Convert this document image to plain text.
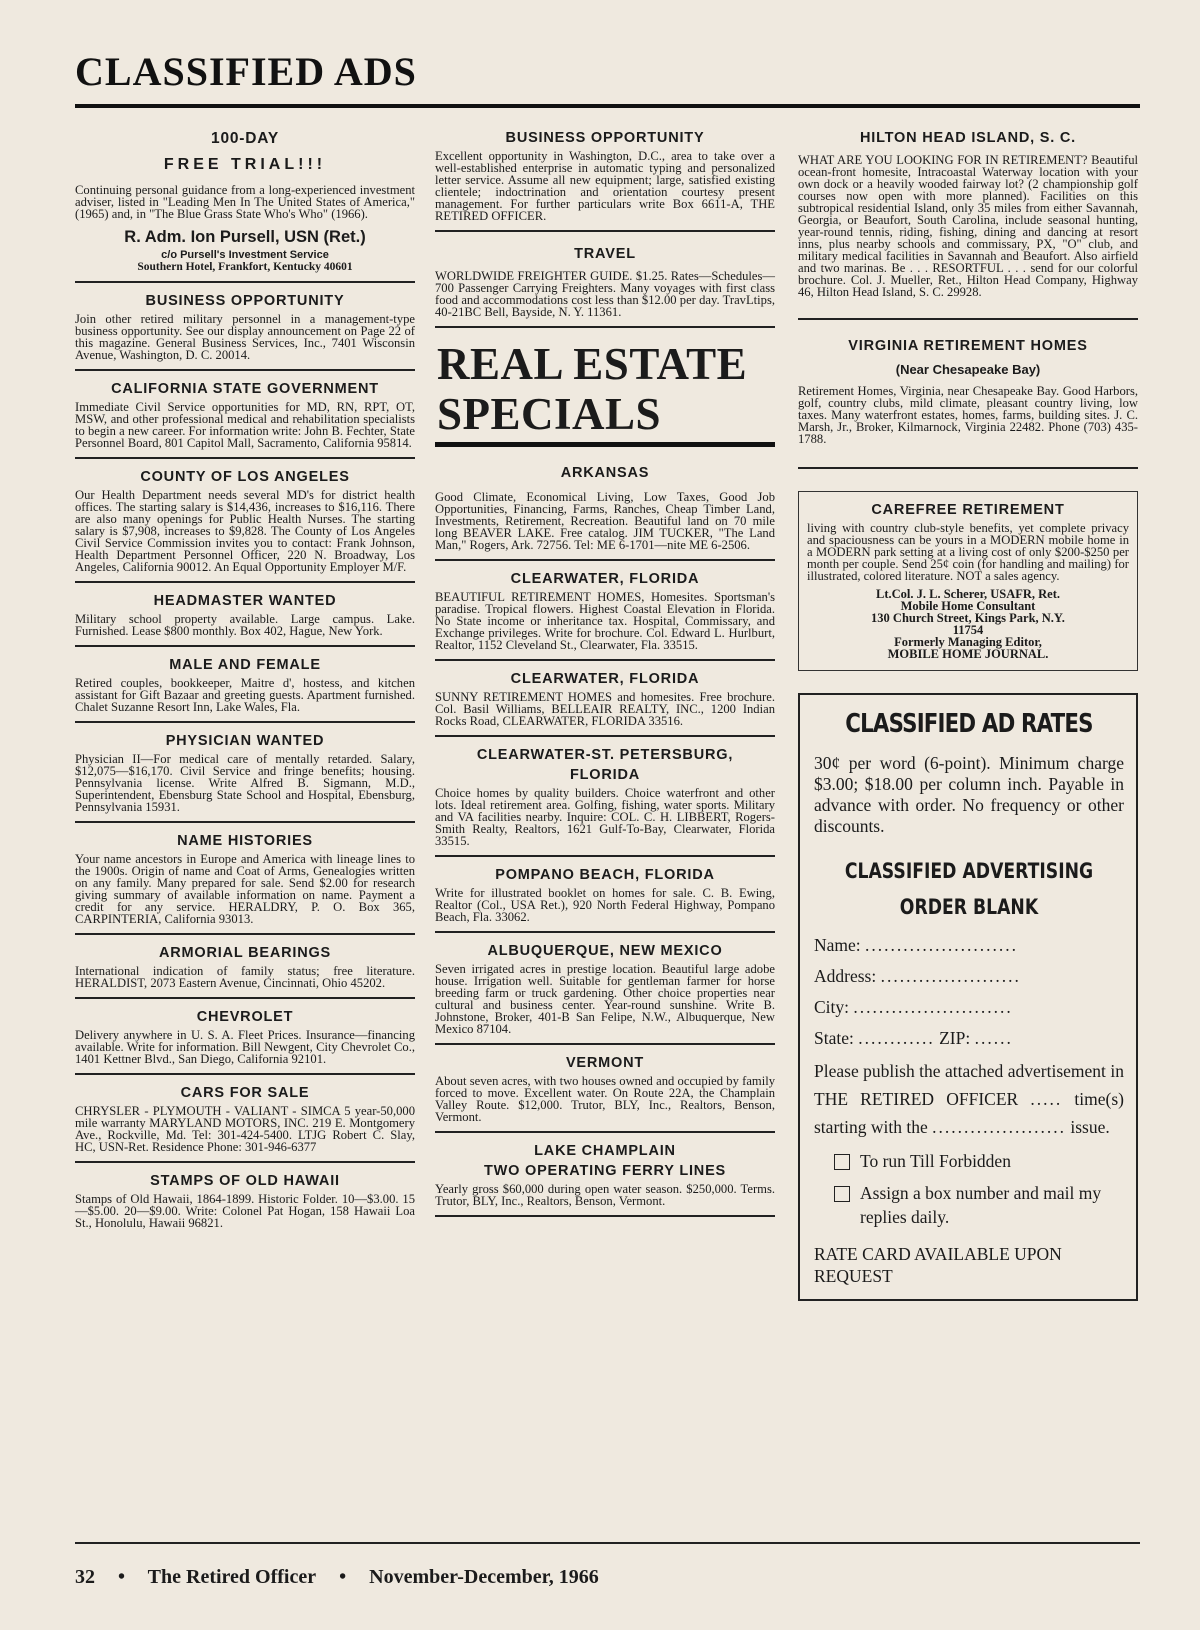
CLASSIFIED ADS
100-DAY
FREE TRIAL!!!

Continuing personal guidance from a long-experienced investment adviser, listed in "Leading Men In The United States of America," (1965) and, in "The Blue Grass State Who's Who" (1966).

R. Adm. Ion Pursell, USN (Ret.)
c/o Pursell's Investment Service
Southern Hotel, Frankfort, Kentucky 40601
BUSINESS OPPORTUNITY

Join other retired military personnel in a management-type business opportunity. See our display announcement on Page 22 of this magazine. General Business Services, Inc., 7401 Wisconsin Avenue, Washington, D. C. 20014.

CALIFORNIA STATE GOVERNMENT

Immediate Civil Service opportunities for MD, RN, RPT, OT, MSW, and other professional medical and rehabilitation specialists to begin a new career. For information write: John B. Fechter, State Personnel Board, 801 Capitol Mall, Sacramento, California 95814.

COUNTY OF LOS ANGELES

Our Health Department needs several MD's for district health offices. The starting salary is $14,436, increases to $16,116. There are also many openings for Public Health Nurses. The starting salary is $7,908, increases to $9,828. The County of Los Angeles Civil Service Commission invites you to contact: Frank Johnson, Health Department Personnel Officer, 220 N. Broadway, Los Angeles, California 90012. An Equal Opportunity Employer M/F.

HEADMASTER WANTED

Military school property available. Large campus. Lake. Furnished. Lease $800 monthly. Box 402, Hague, New York.

MALE AND FEMALE

Retired couples, bookkeeper, Maitre d', hostess, and kitchen assistant for Gift Bazaar and greeting guests. Apartment furnished. Chalet Suzanne Resort Inn, Lake Wales, Fla.

PHYSICIAN WANTED

Physician II—For medical care of mentally retarded. Salary, $12,075—$16,170. Civil Service and fringe benefits; housing. Pennsylvania license. Write Alfred B. Sigmann, M.D., Superintendent, Ebensburg State School and Hospital, Ebensburg, Pennsylvania 15931.

NAME HISTORIES

Your name ancestors in Europe and America with lineage lines to the 1900s. Origin of name and Coat of Arms, Genealogies written on any family. Many prepared for sale. Send $2.00 for research giving summary of available information on name. Payment a credit for any service. HERALDRY, P. O. Box 365, CARPINTERIA, California 93013.

ARMORIAL BEARINGS

International indication of family status; free literature. HERALDIST, 2073 Eastern Avenue, Cincinnati, Ohio 45202.

CHEVROLET

Delivery anywhere in U. S. A. Fleet Prices. Insurance—financing available. Write for information. Bill Newgent, City Chevrolet Co., 1401 Kettner Blvd., San Diego, California 92101.

CARS FOR SALE

CHRYSLER - PLYMOUTH - VALIANT - SIMCA 5 year-50,000 mile warranty MARYLAND MOTORS, INC. 219 E. Montgomery Ave., Rockville, Md. Tel: 301-424-5400. LTJG Robert C. Slay, HC, USN-Ret. Residence Phone: 301-946-6377

STAMPS OF OLD HAWAII

Stamps of Old Hawaii, 1864-1899. Historic Folder. 10—$3.00. 15—$5.00. 20—$9.00. Write: Colonel Pat Hogan, 158 Hawaii Loa St., Honolulu, Hawaii 96821.

BUSINESS OPPORTUNITY

Excellent opportunity in Washington, D.C., area to take over a well-established enterprise in automatic typing and personalized letter service. Assume all new equipment; large, satisfied existing clientele; indoctrination and orientation courtesy present management. For further particulars write Box 6611-A, THE RETIRED OFFICER.

TRAVEL

WORLDWIDE FREIGHTER GUIDE. $1.25. Rates—Schedules—700 Passenger Carrying Freighters. Many voyages with first class food and accommodations cost less than $12.00 per day. TravLtips, 40-21BC Bell, Bayside, N. Y. 11361.

REAL ESTATE
SPECIALS
ARKANSAS

Good Climate, Economical Living, Low Taxes, Good Job Opportunities, Financing, Farms, Ranches, Cheap Timber Land, Investments, Retirement, Recreation. Beautiful land on 70 mile long BEAVER LAKE. Free catalog. JIM TUCKER, "The Land Man," Rogers, Ark. 72756. Tel: ME 6-1701—nite ME 6-2506.

CLEARWATER, FLORIDA

BEAUTIFUL RETIREMENT HOMES, Homesites. Sportsman's paradise. Tropical flowers. Highest Coastal Elevation in Florida. No State income or inheritance tax. Hospital, Commissary, and Exchange privileges. Write for brochure. Col. Edward L. Hurlburt, Realtor, 1152 Cleveland St., Clearwater, Fla. 33515.

CLEARWATER, FLORIDA

SUNNY RETIREMENT HOMES and homesites. Free brochure. Col. Basil Williams, BELLEAIR REALTY, INC., 1200 Indian Rocks Road, CLEARWATER, FLORIDA 33516.

CLEARWATER-ST. PETERSBURG,
FLORIDA

Choice homes by quality builders. Choice waterfront and other lots. Ideal retirement area. Golfing, fishing, water sports. Military and VA facilities nearby. Inquire: COL. C. H. LIBBERT, Rogers-Smith Realty, Realtors, 1621 Gulf-To-Bay, Clearwater, Florida 33515.

POMPANO BEACH, FLORIDA

Write for illustrated booklet on homes for sale. C. B. Ewing, Realtor (Col., USA Ret.), 920 North Federal Highway, Pompano Beach, Fla. 33062.

ALBUQUERQUE, NEW MEXICO

Seven irrigated acres in prestige location. Beautiful large adobe house. Irrigation well. Suitable for gentleman farmer for horse breeding farm or truck gardening. Other choice properties near cultural and business center. Year-round sunshine. Write B. Johnstone, Broker, 401-B San Felipe, N.W., Albuquerque, New Mexico 87104.

VERMONT

About seven acres, with two houses owned and occupied by family forced to move. Excellent water. On Route 22A, the Champlain Valley Route. $12,000. Trutor, BLY, Inc., Realtors, Benson, Vermont.

LAKE CHAMPLAIN
TWO OPERATING FERRY LINES

Yearly gross $60,000 during open water season. $250,000. Terms. Trutor, BLY, Inc., Realtors, Benson, Vermont.

HILTON HEAD ISLAND, S. C.

WHAT ARE YOU LOOKING FOR IN RETIREMENT? Beautiful ocean-front homesite, Intracoastal Waterway location with your own dock or a heavily wooded fairway lot? (2 championship golf courses now open with more planned). Facilities on this subtropical residential Island, only 35 miles from either Savannah, Georgia, or Beaufort, South Carolina, include seasonal hunting, year-round tennis, riding, fishing, dining and dancing at resort inns, plus nearby schools and commissary, PX, "O" club, and military medical facilities in Savannah and Beaufort. Also airfield and two marinas. Be . . . RESORTFUL . . . send for our colorful brochure. Col. J. Mueller, Ret., Hilton Head Company, Highway 46, Hilton Head Island, S. C. 29928.

VIRGINIA RETIREMENT HOMES
(Near Chesapeake Bay)

Retirement Homes, Virginia, near Chesapeake Bay. Good Harbors, golf, country clubs, mild climate, pleasant country living, low taxes. Many waterfront estates, homes, farms, building sites. J. C. Marsh, Jr., Broker, Kilmarnock, Virginia 22482. Phone (703) 435-1788.

CAREFREE RETIREMENT

living with country club-style benefits, yet complete privacy and spaciousness can be yours in a MODERN mobile home in a MODERN park setting at a living cost of only $200-$250 per month per couple. Send 25¢ coin (for handling and mailing) for illustrated, colored literature. NOT a sales agency.

Lt.Col. J. L. Scherer, USAFR, Ret.
Mobile Home Consultant
130 Church Street, Kings Park, N.Y.
11754
Formerly Managing Editor,
MOBILE HOME JOURNAL.
CLASSIFIED AD RATES

30¢ per word (6-point). Minimum charge $3.00; $18.00 per column inch. Payable in advance with order. No frequency or other discounts.

CLASSIFIED ADVERTISING
ORDER BLANK
Name: ........................
Address: ......................
City: .........................
State: ............ ZIP: ......

Please publish the attached advertisement in THE RETIRED OFFICER ..... time(s) starting with the ..................... issue.

To run Till Forbidden
Assign a box number and mail my replies daily.

RATE CARD AVAILABLE UPON REQUEST

32 • The Retired Officer • November-December, 1966
